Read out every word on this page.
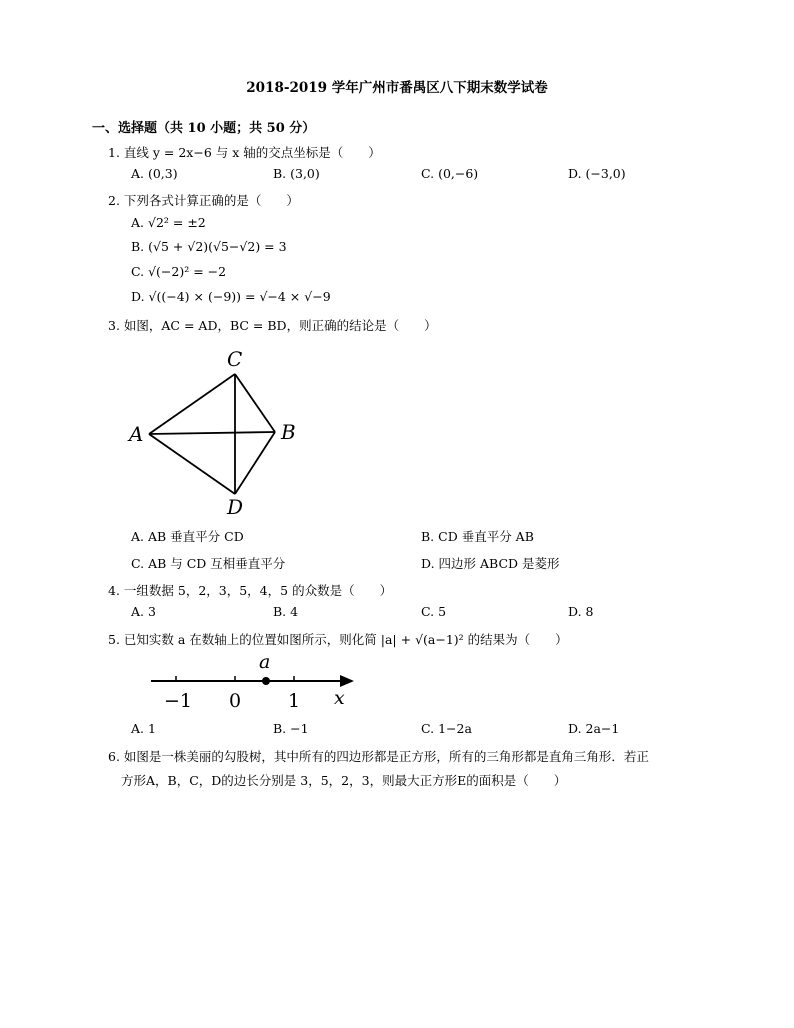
2018-2019 学年广州市番禺区八下期末数学试卷
一、选择题（共 10 小题；共 50 分）
1. 直线 y = 2x−6 与 x 轴的交点坐标是（　　）
A. (0,3)	B. (3,0)	C. (0,−6)	D. (−3,0)
2. 下列各式计算正确的是（　　）
A. √2² = ±2
B. (√5 + √2)(√5−√2) = 3
C. √(−2)² = −2
D. √((−4) × (−9)) = √−4 × √−9
3. 如图，AC = AD，BC = BD，则正确的结论是（　　）
C
A	B
D
A. AB 垂直平分 CD	B. CD 垂直平分 AB
C. AB 与 CD 互相垂直平分	D. 四边形 ABCD 是菱形
4. 一组数据 5，2，3，5，4，5 的众数是（　　）
A. 3	B. 4	C. 5	D. 8
5. 已知实数 a 在数轴上的位置如图所示，则化简 |a| + √(a−1)² 的结果为（　　）
a
−1 0 1 x
A. 1	B. −1	C. 1−2a	D. 2a−1
6. 如图是一株美丽的勾股树，其中所有的四边形都是正方形，所有的三角形都是直角三角形．若正
方形A，B，C，D的边长分别是 3，5，2，3，则最大正方形E的面积是（　　）
